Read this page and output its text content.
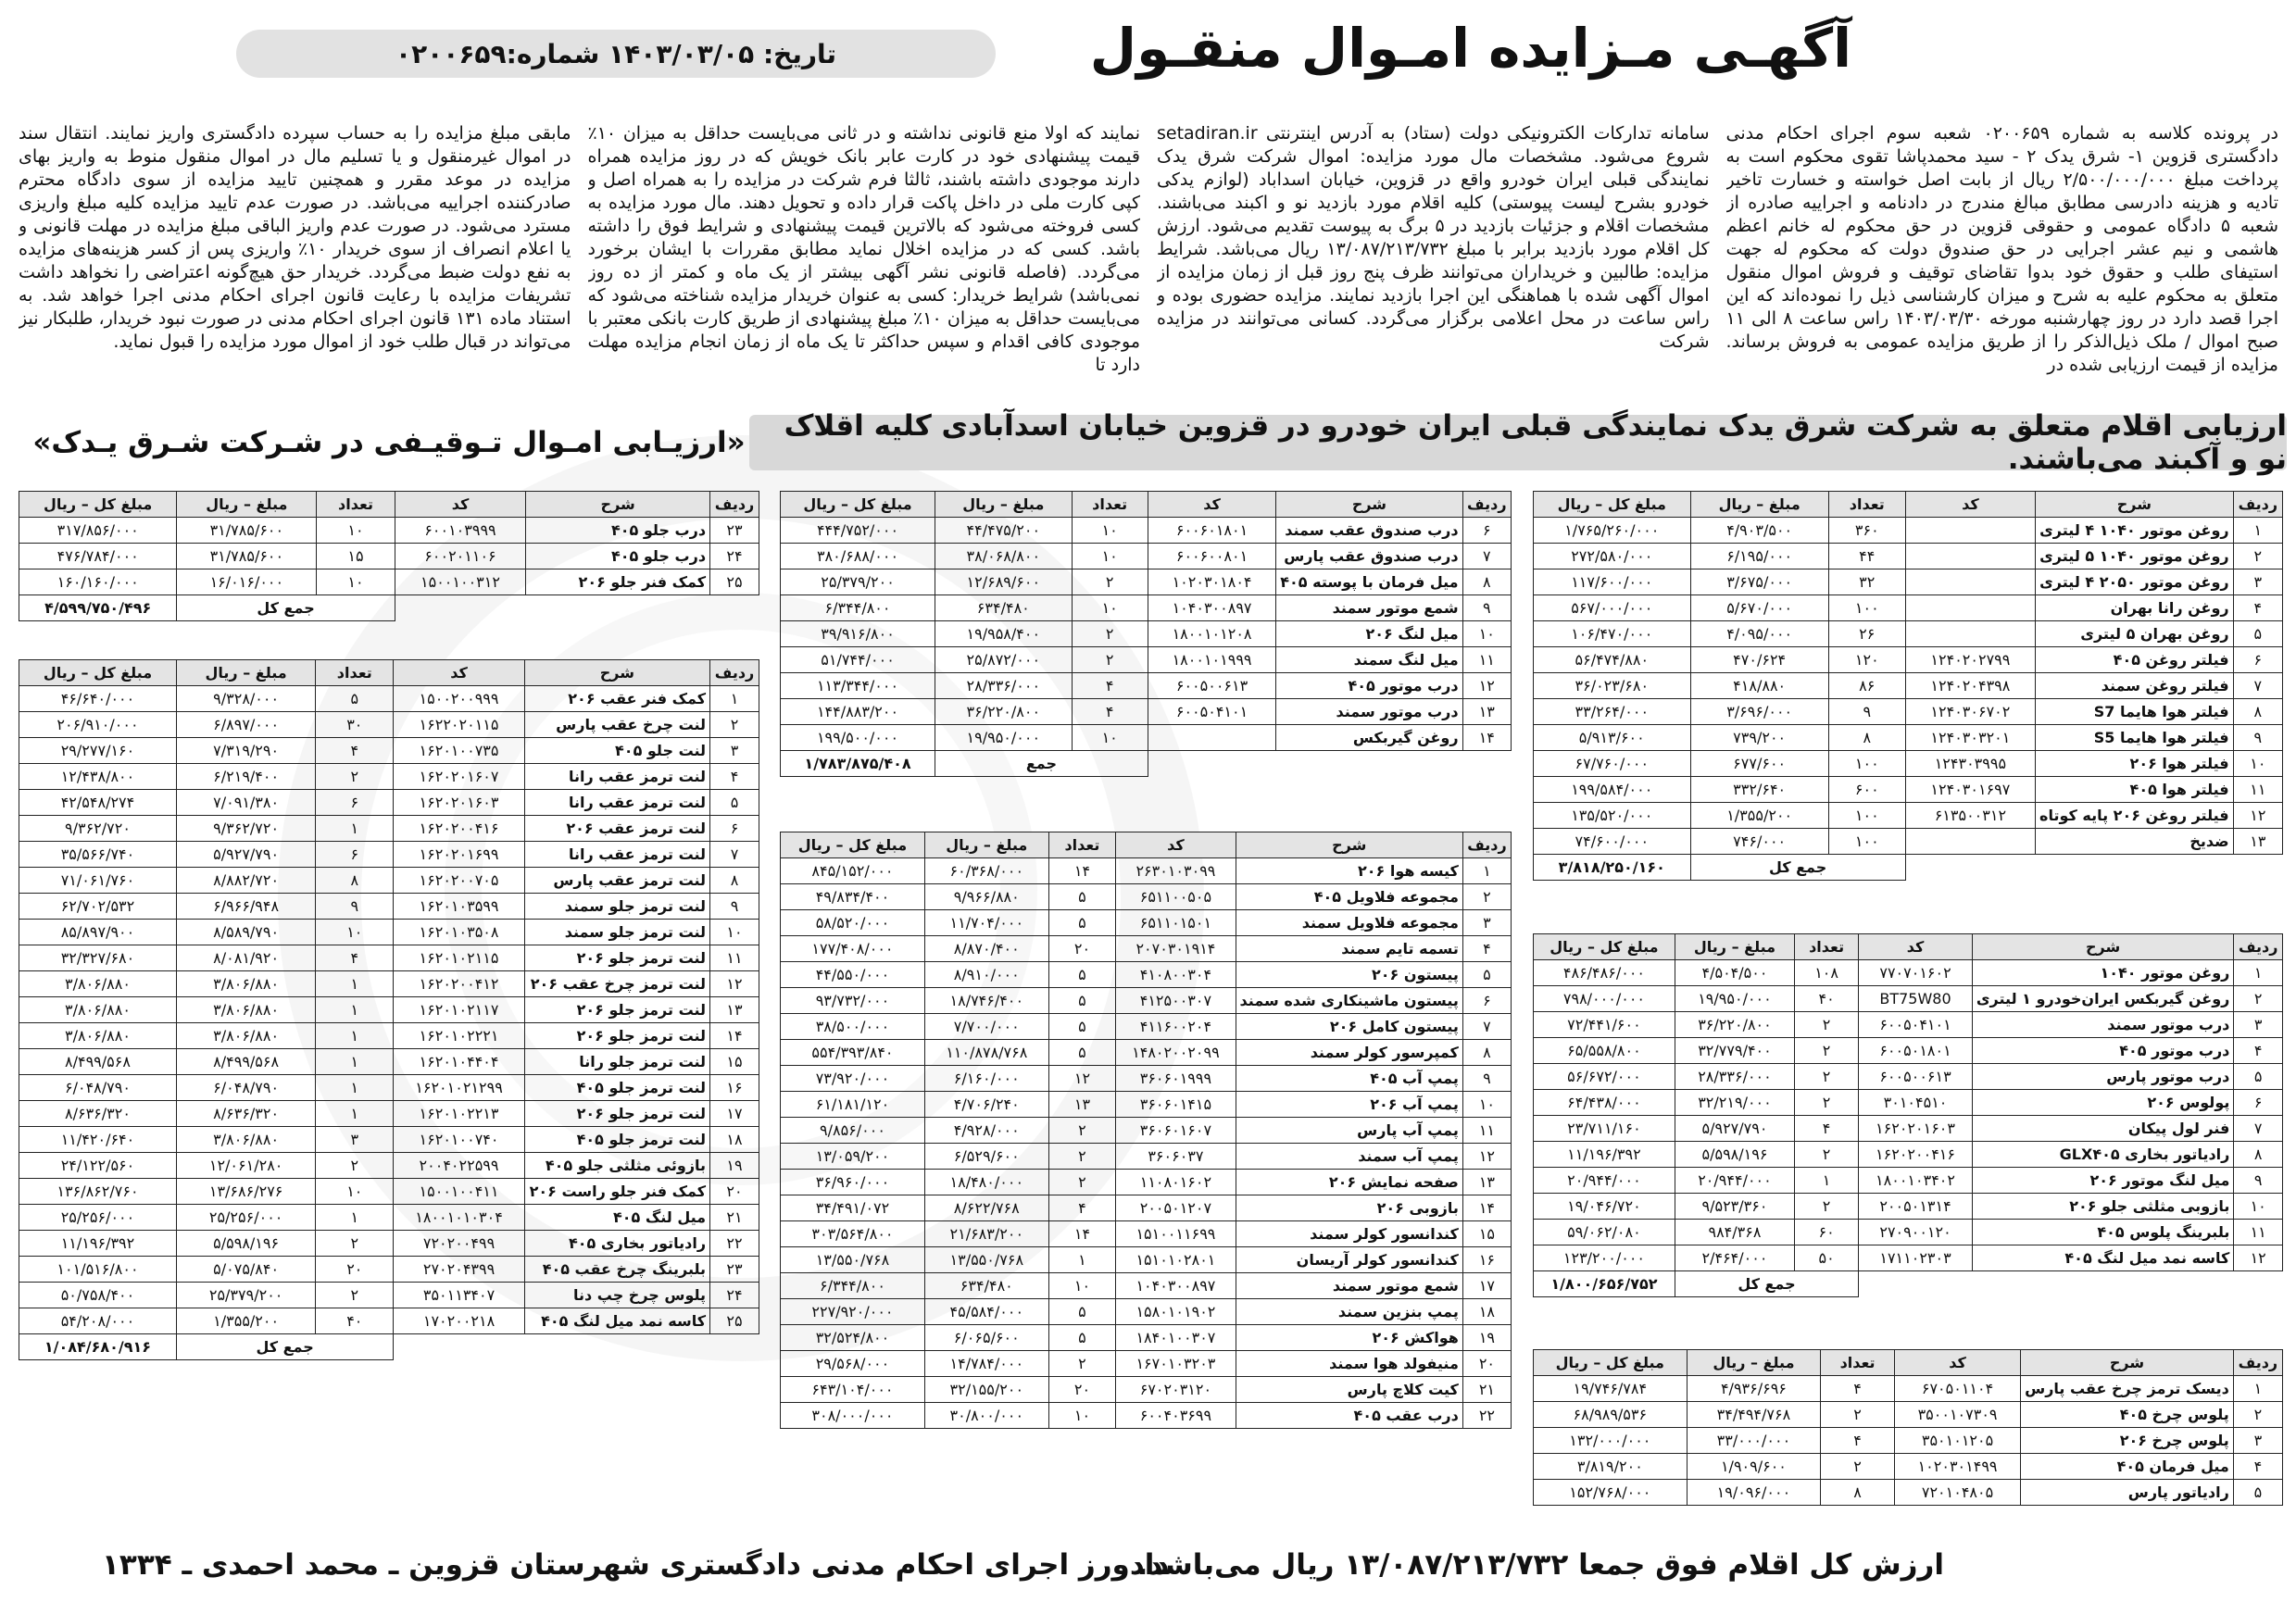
آگهـی مـزایده امـوال منقـول
تاریخ: ۱۴۰۳/۰۳/۰۵ شماره:۰۲۰۰۶۵۹
در پرونده کلاسه به شماره ۰۲۰۰۶۵۹ شعبه سوم اجرای احکام مدنی دادگستری قزوین ۱- شرق یدک ۲ - سید محمدپاشا تقوی محکوم است به پرداخت مبلغ ۲/۵۰۰/۰۰۰/۰۰۰ ریال از بابت اصل خواسته و خسارت تاخیر تادیه و هزینه دادرسی مطابق مبالغ مندرج در دادنامه و اجراییه صادره از شعبه ۵ دادگاه عمومی و حقوقی قزوین در حق محکوم له خانم اعظم هاشمی و نیم عشر اجرایی در حق صندوق دولت که محکوم له جهت استیفای طلب و حقوق خود بدوا تقاضای توقیف و فروش اموال منقول متعلق به محکوم علیه به شرح و میزان کارشناسی ذیل را نموده‌اند که این اجرا قصد دارد در روز چهارشنبه مورخه ۱۴۰۳/۰۳/۳۰ راس ساعت ۸ الی ۱۱ صبح اموال / ملک ذیل‌الذکر را از طریق مزایده عمومی به فروش برساند. مزایده از قیمت ارزیابی شده در
سامانه تدارکات الکترونیکی دولت (ستاد) به آدرس اینترنتی setadiran.ir شروع می‌شود. مشخصات مال مورد مزایده: اموال شرکت شرق یدک نمایندگی قبلی ایران خودرو واقع در قزوین، خیابان اسداباد (لوازم یدکی خودرو بشرح لیست پیوستی) کلیه اقلام مورد بازدید نو و اکبند می‌باشند. مشخصات اقلام و جزئیات بازدید در ۵ برگ به پیوست تقدیم می‌شود. ارزش کل اقلام مورد بازدید برابر با مبلغ ۱۳/۰۸۷/۲۱۳/۷۳۲ ریال می‌باشد. شرایط مزایده: طالبین و خریداران می‌توانند ظرف پنج روز قبل از زمان مزایده از اموال آگهی شده با هماهنگی این اجرا بازدید نمایند. مزایده حضوری بوده و راس ساعت در محل اعلامی برگزار می‌گردد. کسانی می‌توانند در مزایده شرکت
نمایند که اولا منع قانونی نداشته و در ثانی می‌بایست حداقل به میزان ۱۰٪ قیمت پیشنهادی خود در کارت عابر بانک خویش که در روز مزایده همراه دارند موجودی داشته باشند، ثالثا فرم شرکت در مزایده را به همراه اصل و کپی کارت ملی در داخل پاکت قرار داده و تحویل دهند. مال مورد مزایده به کسی فروخته می‌شود که بالاترین قیمت پیشنهادی و شرایط فوق را داشته باشد. کسی که در مزایده اخلال نماید مطابق مقررات با ایشان برخورد می‌گردد. (فاصله قانونی نشر آگهی بیشتر از یک ماه و کمتر از ده روز نمی‌باشد) شرایط خریدار: کسی به عنوان خریدار مزایده شناخته می‌شود که می‌بایست حداقل به میزان ۱۰٪ مبلغ پیشنهادی از طریق کارت بانکی معتبر با موجودی کافی اقدام و سپس حداکثر تا یک ماه از زمان انجام مزایده مهلت دارد تا
مابقی مبلغ مزایده را به حساب سپرده دادگستری واریز نمایند. انتقال سند در اموال غیرمنقول و یا تسلیم مال در اموال منقول منوط به واریز بهای مزایده در موعد مقرر و همچنین تایید مزایده از سوی دادگاه محترم صادرکننده اجراییه می‌باشد. در صورت عدم تایید مزایده کلیه مبلغ واریزی مسترد می‌شود. در صورت عدم واریز الباقی مبلغ مزایده در مهلت قانونی و یا اعلام انصراف از سوی خریدار ۱۰٪ واریزی پس از کسر هزینه‌های مزایده به نفع دولت ضبط می‌گردد. خریدار حق هیچ‌گونه اعتراضی را نخواهد داشت تشریفات مزایده با رعایت قانون اجرای احکام مدنی اجرا خواهد شد. به استناد ماده ۱۳۱ قانون اجرای احکام مدنی در صورت نبود خریدار، طلبکار نیز می‌تواند در قبال طلب خود از اموال مورد مزایده را قبول نماید.
ارزیابی اقلام متعلق به شرکت شرق یدک نمایندگی قبلی ایران خودرو در قزوین خیابان اسدآبادی کلیه اقلاک نو و آکبند می‌باشند.
«ارزیـابی امـوال تـوقیـفی در شـرکت شـرق یـدک»
ردیف	شرح	کد	تعداد	مبلغ – ریال	مبلغ کل – ریال
۱	روغن موتور ۱۰۴۰ ۴ لیتری		۳۶۰	۴/۹۰۳/۵۰۰	۱/۷۶۵/۲۶۰/۰۰۰
۲	روغن موتور ۱۰۴۰ ۵ لیتری		۴۴	۶/۱۹۵/۰۰۰	۲۷۲/۵۸۰/۰۰۰
۳	روغن موتور ۲۰۵۰ ۴ لیتری		۳۲	۳/۶۷۵/۰۰۰	۱۱۷/۶۰۰/۰۰۰
۴	روغن رانا بهران		۱۰۰	۵/۶۷۰/۰۰۰	۵۶۷/۰۰۰/۰۰۰
۵	روغن بهران ۵ لیتری		۲۶	۴/۰۹۵/۰۰۰	۱۰۶/۴۷۰/۰۰۰
۶	فیلتر روغن ۴۰۵	۱۲۴۰۲۰۲۷۹۹	۱۲۰	۴۷۰/۶۲۴	۵۶/۴۷۴/۸۸۰
۷	فیلتر روغن سمند	۱۲۴۰۲۰۴۳۹۸	۸۶	۴۱۸/۸۸۰	۳۶/۰۲۳/۶۸۰
۸	فیلتر هوا هایما S7	۱۲۴۰۳۰۶۷۰۲	۹	۳/۶۹۶/۰۰۰	۳۳/۲۶۴/۰۰۰
۹	فیلتر هوا هایما S5	۱۲۴۰۳۰۳۲۰۱	۸	۷۳۹/۲۰۰	۵/۹۱۳/۶۰۰
۱۰	فیلتر هوا ۲۰۶	۱۲۴۳۰۳۹۹۵	۱۰۰	۶۷۷/۶۰۰	۶۷/۷۶۰/۰۰۰
۱۱	فیلتر هوا ۴۰۵	۱۲۴۰۳۰۱۶۹۷	۶۰۰	۳۳۲/۶۴۰	۱۹۹/۵۸۴/۰۰۰
۱۲	فیلتر روغن ۲۰۶ پایه کوتاه	۶۱۳۵۰۰۳۱۲	۱۰۰	۱/۳۵۵/۲۰۰	۱۳۵/۵۲۰/۰۰۰
۱۳	ضدیخ		۱۰۰	۷۴۶/۰۰۰	۷۴/۶۰۰/۰۰۰
			جمع کل		۳/۸۱۸/۲۵۰/۱۶۰
ردیف	شرح	کد	تعداد	مبلغ – ریال	مبلغ کل – ریال
۱	روغن موتور ۱۰۴۰	۷۷۰۷۰۱۶۰۲	۱۰۸	۴/۵۰۴/۵۰۰	۴۸۶/۴۸۶/۰۰۰
۲	روغن گیربکس ایران‌خودرو ۱ لیتری	BT75W80	۴۰	۱۹/۹۵۰/۰۰۰	۷۹۸/۰۰۰/۰۰۰
۳	درب موتور سمند	۶۰۰۵۰۴۱۰۱	۲	۳۶/۲۲۰/۸۰۰	۷۲/۴۴۱/۶۰۰
۴	درب موتور ۴۰۵	۶۰۰۵۰۱۸۰۱	۲	۳۲/۷۷۹/۴۰۰	۶۵/۵۵۸/۸۰۰
۵	درب موتور پارس	۶۰۰۵۰۰۶۱۳	۲	۲۸/۳۳۶/۰۰۰	۵۶/۶۷۲/۰۰۰
۶	پولوس ۲۰۶	۳۰۱۰۴۵۱۰	۲	۳۲/۲۱۹/۰۰۰	۶۴/۴۳۸/۰۰۰
۷	فنر لول پیکان	۱۶۲۰۲۰۱۶۰۳	۴	۵/۹۲۷/۷۹۰	۲۳/۷۱۱/۱۶۰
۸	رادیاتور بخاری GLX۴۰۵	۱۶۲۰۲۰۰۴۱۶	۲	۵/۵۹۸/۱۹۶	۱۱/۱۹۶/۳۹۲
۹	میل لنگ موتور ۲۰۶	۱۸۰۰۱۰۳۴۰۲	۱	۲۰/۹۴۴/۰۰۰	۲۰/۹۴۴/۰۰۰
۱۰	بازوبی مثلثی جلو ۲۰۶	۲۰۰۵۰۱۳۱۴	۲	۹/۵۲۳/۳۶۰	۱۹/۰۴۶/۷۲۰
۱۱	بلبرینگ پلوس ۴۰۵	۲۷۰۹۰۰۱۲۰	۶۰	۹۸۴/۳۶۸	۵۹/۰۶۲/۰۸۰
۱۲	کاسه نمد میل لنگ ۴۰۵	۱۷۱۱۰۲۳۰۳	۵۰	۲/۴۶۴/۰۰۰	۱۲۳/۲۰۰/۰۰۰
			جمع کل		۱/۸۰۰/۶۵۶/۷۵۲
ردیف	شرح	کد	تعداد	مبلغ – ریال	مبلغ کل – ریال
۱	دیسک ترمز چرخ عقب پارس	۶۷۰۵۰۱۱۰۴	۴	۴/۹۳۶/۶۹۶	۱۹/۷۴۶/۷۸۴
۲	پلوس چرخ ۴۰۵	۳۵۰۰۱۰۷۳۰۹	۲	۳۴/۴۹۴/۷۶۸	۶۸/۹۸۹/۵۳۶
۳	پلوس چرخ ۲۰۶	۳۵۰۱۰۱۲۰۵	۴	۳۳/۰۰۰/۰۰۰	۱۳۲/۰۰۰/۰۰۰
۴	میل فرمان ۴۰۵	۱۰۲۰۳۰۱۴۹۹	۲	۱/۹۰۹/۶۰۰	۳/۸۱۹/۲۰۰
۵	رادیاتور پارس	۷۲۰۱۰۴۸۰۵	۸	۱۹/۰۹۶/۰۰۰	۱۵۲/۷۶۸/۰۰۰
ردیف	شرح	کد	تعداد	مبلغ – ریال	مبلغ کل – ریال
۶	درب صندوق عقب سمند	۶۰۰۶۰۱۸۰۱	۱۰	۴۴/۴۷۵/۲۰۰	۴۴۴/۷۵۲/۰۰۰
۷	درب صندوق عقب پارس	۶۰۰۶۰۰۸۰۱	۱۰	۳۸/۰۶۸/۸۰۰	۳۸۰/۶۸۸/۰۰۰
۸	میل فرمان با پوسته ۴۰۵	۱۰۲۰۳۰۱۸۰۴	۲	۱۲/۶۸۹/۶۰۰	۲۵/۳۷۹/۲۰۰
۹	شمع موتور سمند	۱۰۴۰۳۰۰۸۹۷	۱۰	۶۳۴/۴۸۰	۶/۳۴۴/۸۰۰
۱۰	میل لنگ ۲۰۶	۱۸۰۰۱۰۱۲۰۸	۲	۱۹/۹۵۸/۴۰۰	۳۹/۹۱۶/۸۰۰
۱۱	میل لنگ سمند	۱۸۰۰۱۰۱۹۹۹	۲	۲۵/۸۷۲/۰۰۰	۵۱/۷۴۴/۰۰۰
۱۲	درب موتور ۴۰۵	۶۰۰۵۰۰۶۱۳	۴	۲۸/۳۳۶/۰۰۰	۱۱۳/۳۴۴/۰۰۰
۱۳	درب موتور سمند	۶۰۰۵۰۴۱۰۱	۴	۳۶/۲۲۰/۸۰۰	۱۴۴/۸۸۳/۲۰۰
۱۴	روغن گیربکس		۱۰	۱۹/۹۵۰/۰۰۰	۱۹۹/۵۰۰/۰۰۰
			جمع		۱/۷۸۳/۸۷۵/۴۰۸
ردیف	شرح	کد	تعداد	مبلغ – ریال	مبلغ کل – ریال
۱	کیسه هوا ۲۰۶	۲۶۳۰۱۰۳۰۹۹	۱۴	۶۰/۳۶۸/۰۰۰	۸۴۵/۱۵۲/۰۰۰
۲	مجموعه فلاویل ۴۰۵	۶۵۱۱۰۰۵۰۵	۵	۹/۹۶۶/۸۸۰	۴۹/۸۳۴/۴۰۰
۳	مجموعه فلاویل سمند	۶۵۱۱۰۱۵۰۱	۵	۱۱/۷۰۴/۰۰۰	۵۸/۵۲۰/۰۰۰
۴	تسمه تایم سمند	۲۰۷۰۳۰۱۹۱۴	۲۰	۸/۸۷۰/۴۰۰	۱۷۷/۴۰۸/۰۰۰
۵	پیستون ۲۰۶	۴۱۰۸۰۰۳۰۴	۵	۸/۹۱۰/۰۰۰	۴۴/۵۵۰/۰۰۰
۶	پیستون ماشینکاری شده سمند	۴۱۲۵۰۰۳۰۷	۵	۱۸/۷۴۶/۴۰۰	۹۳/۷۳۲/۰۰۰
۷	پیستون کامل ۲۰۶	۴۱۱۶۰۰۲۰۴	۵	۷/۷۰۰/۰۰۰	۳۸/۵۰۰/۰۰۰
۸	کمپرسور کولر سمند	۱۴۸۰۲۰۰۲۰۹۹	۵	۱۱۰/۸۷۸/۷۶۸	۵۵۴/۳۹۳/۸۴۰
۹	پمپ آب ۴۰۵	۳۶۰۶۰۱۹۹۹	۱۲	۶/۱۶۰/۰۰۰	۷۳/۹۲۰/۰۰۰
۱۰	پمپ آب ۲۰۶	۳۶۰۶۰۱۴۱۵	۱۳	۴/۷۰۶/۲۴۰	۶۱/۱۸۱/۱۲۰
۱۱	پمپ آب پارس	۳۶۰۶۰۱۶۰۷	۲	۴/۹۲۸/۰۰۰	۹/۸۵۶/۰۰۰
۱۲	پمپ آب سمند	۳۶۰۶۰۳۷	۲	۶/۵۲۹/۶۰۰	۱۳/۰۵۹/۲۰۰
۱۳	صفحه نمایش ۲۰۶	۱۱۰۸۰۱۶۰۲	۲	۱۸/۴۸۰/۰۰۰	۳۶/۹۶۰/۰۰۰
۱۴	بازوبی ۲۰۶	۲۰۰۵۰۱۲۰۷	۴	۸/۶۲۲/۷۶۸	۳۴/۴۹۱/۰۷۲
۱۵	کندانسور کولر سمند	۱۵۱۰۰۱۱۶۹۹	۱۴	۲۱/۶۸۳/۲۰۰	۳۰۳/۵۶۴/۸۰۰
۱۶	کندانسور کولر آریسان	۱۵۱۰۱۰۲۸۰۱	۱	۱۳/۵۵۰/۷۶۸	۱۳/۵۵۰/۷۶۸
۱۷	شمع موتور سمند	۱۰۴۰۳۰۰۸۹۷	۱۰	۶۳۴/۴۸۰	۶/۳۴۴/۸۰۰
۱۸	پمپ بنزین سمند	۱۵۸۰۱۰۱۹۰۲	۵	۴۵/۵۸۴/۰۰۰	۲۲۷/۹۲۰/۰۰۰
۱۹	هواکش ۲۰۶	۱۸۴۰۱۰۰۳۰۷	۵	۶/۰۶۵/۶۰۰	۳۲/۵۲۴/۸۰۰
۲۰	منیفولد هوا سمند	۱۶۷۰۱۰۳۲۰۳	۲	۱۴/۷۸۴/۰۰۰	۲۹/۵۶۸/۰۰۰
۲۱	کیت کلاچ پارس	۶۷۰۲۰۳۱۲۰	۲۰	۳۲/۱۵۵/۲۰۰	۶۴۳/۱۰۴/۰۰۰
۲۲	درب عقب ۴۰۵	۶۰۰۴۰۳۶۹۹	۱۰	۳۰/۸۰۰/۰۰۰	۳۰۸/۰۰۰/۰۰۰
ردیف	شرح	کد	تعداد	مبلغ – ریال	مبلغ کل – ریال
۲۳	درب جلو ۴۰۵	۶۰۰۱۰۳۹۹۹	۱۰	۳۱/۷۸۵/۶۰۰	۳۱۷/۸۵۶/۰۰۰
۲۴	درب جلو ۴۰۵	۶۰۰۲۰۱۱۰۶	۱۵	۳۱/۷۸۵/۶۰۰	۴۷۶/۷۸۴/۰۰۰
۲۵	کمک فنر جلو ۲۰۶	۱۵۰۰۱۰۰۳۱۲	۱۰	۱۶/۰۱۶/۰۰۰	۱۶۰/۱۶۰/۰۰۰
			جمع کل		۴/۵۹۹/۷۵۰/۴۹۶
ردیف	شرح	کد	تعداد	مبلغ – ریال	مبلغ کل – ریال
۱	کمک فنر عقب ۲۰۶	۱۵۰۰۲۰۰۹۹۹	۵	۹/۳۲۸/۰۰۰	۴۶/۶۴۰/۰۰۰
۲	لنت چرخ عقب پارس	۱۶۲۲۰۲۰۱۱۵	۳۰	۶/۸۹۷/۰۰۰	۲۰۶/۹۱۰/۰۰۰
۳	لنت جلو ۴۰۵	۱۶۲۰۱۰۰۷۳۵	۴	۷/۳۱۹/۲۹۰	۲۹/۲۷۷/۱۶۰
۴	لنت ترمز عقب رانا	۱۶۲۰۲۰۱۶۰۷	۲	۶/۲۱۹/۴۰۰	۱۲/۴۳۸/۸۰۰
۵	لنت ترمز عقب رانا	۱۶۲۰۲۰۱۶۰۳	۶	۷/۰۹۱/۳۸۰	۴۲/۵۴۸/۲۷۴
۶	لنت ترمز عقب ۲۰۶	۱۶۲۰۲۰۰۴۱۶	۱	۹/۳۶۲/۷۲۰	۹/۳۶۲/۷۲۰
۷	لنت ترمز عقب رانا	۱۶۲۰۲۰۱۶۹۹	۶	۵/۹۲۷/۷۹۰	۳۵/۵۶۶/۷۴۰
۸	لنت ترمز عقب پارس	۱۶۲۰۲۰۰۷۰۵	۸	۸/۸۸۲/۷۲۰	۷۱/۰۶۱/۷۶۰
۹	لنت ترمز جلو سمند	۱۶۲۰۱۰۳۵۹۹	۹	۶/۹۶۶/۹۴۸	۶۲/۷۰۲/۵۳۲
۱۰	لنت ترمز جلو سمند	۱۶۲۰۱۰۳۵۰۸	۱۰	۸/۵۸۹/۷۹۰	۸۵/۸۹۷/۹۰۰
۱۱	لنت ترمز جلو ۲۰۶	۱۶۲۰۱۰۲۱۱۵	۴	۸/۰۸۱/۹۲۰	۳۲/۳۲۷/۶۸۰
۱۲	لنت ترمز چرخ عقب ۲۰۶	۱۶۲۰۲۰۰۴۱۲	۱	۳/۸۰۶/۸۸۰	۳/۸۰۶/۸۸۰
۱۳	لنت ترمز جلو ۲۰۶	۱۶۲۰۱۰۲۱۱۷	۱	۳/۸۰۶/۸۸۰	۳/۸۰۶/۸۸۰
۱۴	لنت ترمز جلو ۲۰۶	۱۶۲۰۱۰۲۲۲۱	۱	۳/۸۰۶/۸۸۰	۳/۸۰۶/۸۸۰
۱۵	لنت ترمز جلو رانا	۱۶۲۰۱۰۴۴۰۴	۱	۸/۴۹۹/۵۶۸	۸/۴۹۹/۵۶۸
۱۶	لنت ترمز جلو ۴۰۵	۱۶۲۰۱۰۲۱۲۹۹	۱	۶/۰۴۸/۷۹۰	۶/۰۴۸/۷۹۰
۱۷	لنت ترمز جلو ۲۰۶	۱۶۲۰۱۰۲۲۱۳	۱	۸/۶۳۶/۳۲۰	۸/۶۳۶/۳۲۰
۱۸	لنت ترمز جلو ۴۰۵	۱۶۲۰۱۰۰۷۴۰	۳	۳/۸۰۶/۸۸۰	۱۱/۴۲۰/۶۴۰
۱۹	بازوئی مثلثی جلو ۴۰۵	۲۰۰۴۰۲۲۵۹۹	۲	۱۲/۰۶۱/۲۸۰	۲۴/۱۲۲/۵۶۰
۲۰	کمک فنر جلو راست ۲۰۶	۱۵۰۰۱۰۰۴۱۱	۱۰	۱۳/۶۸۶/۲۷۶	۱۳۶/۸۶۲/۷۶۰
۲۱	میل لنگ ۴۰۵	۱۸۰۰۱۰۱۰۳۰۴	۱	۲۵/۲۵۶/۰۰۰	۲۵/۲۵۶/۰۰۰
۲۲	رادیاتور بخاری ۴۰۵	۷۲۰۲۰۰۴۹۹	۲	۵/۵۹۸/۱۹۶	۱۱/۱۹۶/۳۹۲
۲۳	بلبرینگ چرخ عقب ۴۰۵	۲۷۰۲۰۴۳۹۹	۲۰	۵/۰۷۵/۸۴۰	۱۰۱/۵۱۶/۸۰۰
۲۴	پلوس چرخ چپ دنا	۳۵۰۱۱۳۴۰۷	۲	۲۵/۳۷۹/۲۰۰	۵۰/۷۵۸/۴۰۰
۲۵	کاسه نمد میل لنگ ۴۰۵	۱۷۰۲۰۰۲۱۸	۴۰	۱/۳۵۵/۲۰۰	۵۴/۲۰۸/۰۰۰
			جمع کل		۱/۰۸۴/۶۸۰/۹۱۶
ارزش کل اقلام فوق جمعا ۱۳/۰۸۷/۲۱۳/۷۳۲ ریال می‌باشد.
دادورز اجرای احکام مدنی دادگستری شهرستان قزوین ـ محمد احمدی ـ ۱۳۳۴
